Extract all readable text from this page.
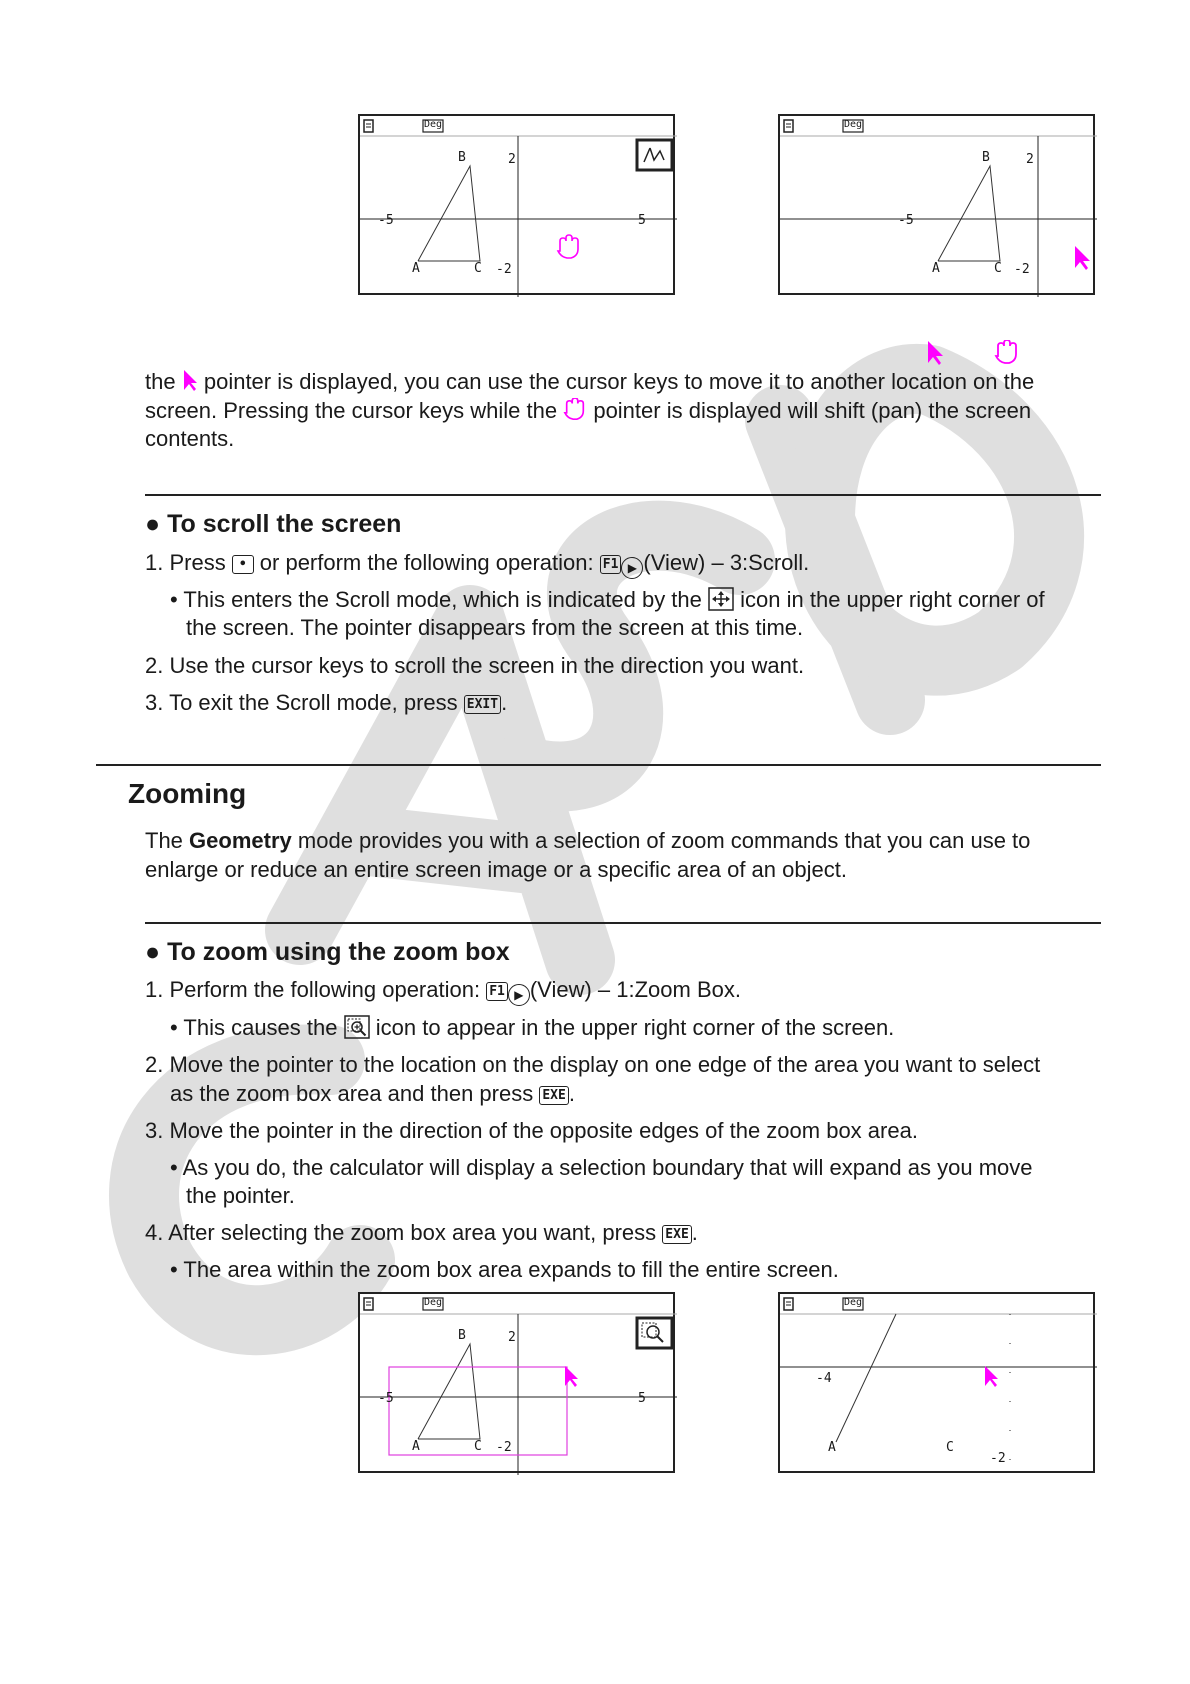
Deg
B
A	C
2
-5	5
-2
Deg
B
A	C
2
-5
-2
the pointer is displayed, you can use the cursor keys to move it to another location on the
screen. Pressing the cursor keys while the pointer is displayed will shift (pan) the screen
contents.
● To scroll the screen
1. Press • or perform the following operation: F1 ▶ (View) – 3:Scroll.
• This enters the Scroll mode, which is indicated by the icon in the upper right corner of
the screen. The pointer disappears from the screen at this time.
2. Use the cursor keys to scroll the screen in the direction you want.
3. To exit the Scroll mode, press EXIT .
Zooming
The Geometry mode provides you with a selection of zoom commands that you can use to
enlarge or reduce an entire screen image or a specific area of an object.
● To zoom using the zoom box
1. Perform the following operation: F1 ▶ (View) – 1:Zoom Box.
• This causes the icon to appear in the upper right corner of the screen.
2. Move the pointer to the location on the display on one edge of the area you want to select
as the zoom box area and then press EXE .
3. Move the pointer in the direction of the opposite edges of the zoom box area.
• As you do, the calculator will display a selection boundary that will expand as you move
the pointer.
4. After selecting the zoom box area you want, press EXE .
• The area within the zoom box area expands to fill the entire screen.
Deg
B
A	C
2
-5	5
-2
Deg
A	C
-4
-2
